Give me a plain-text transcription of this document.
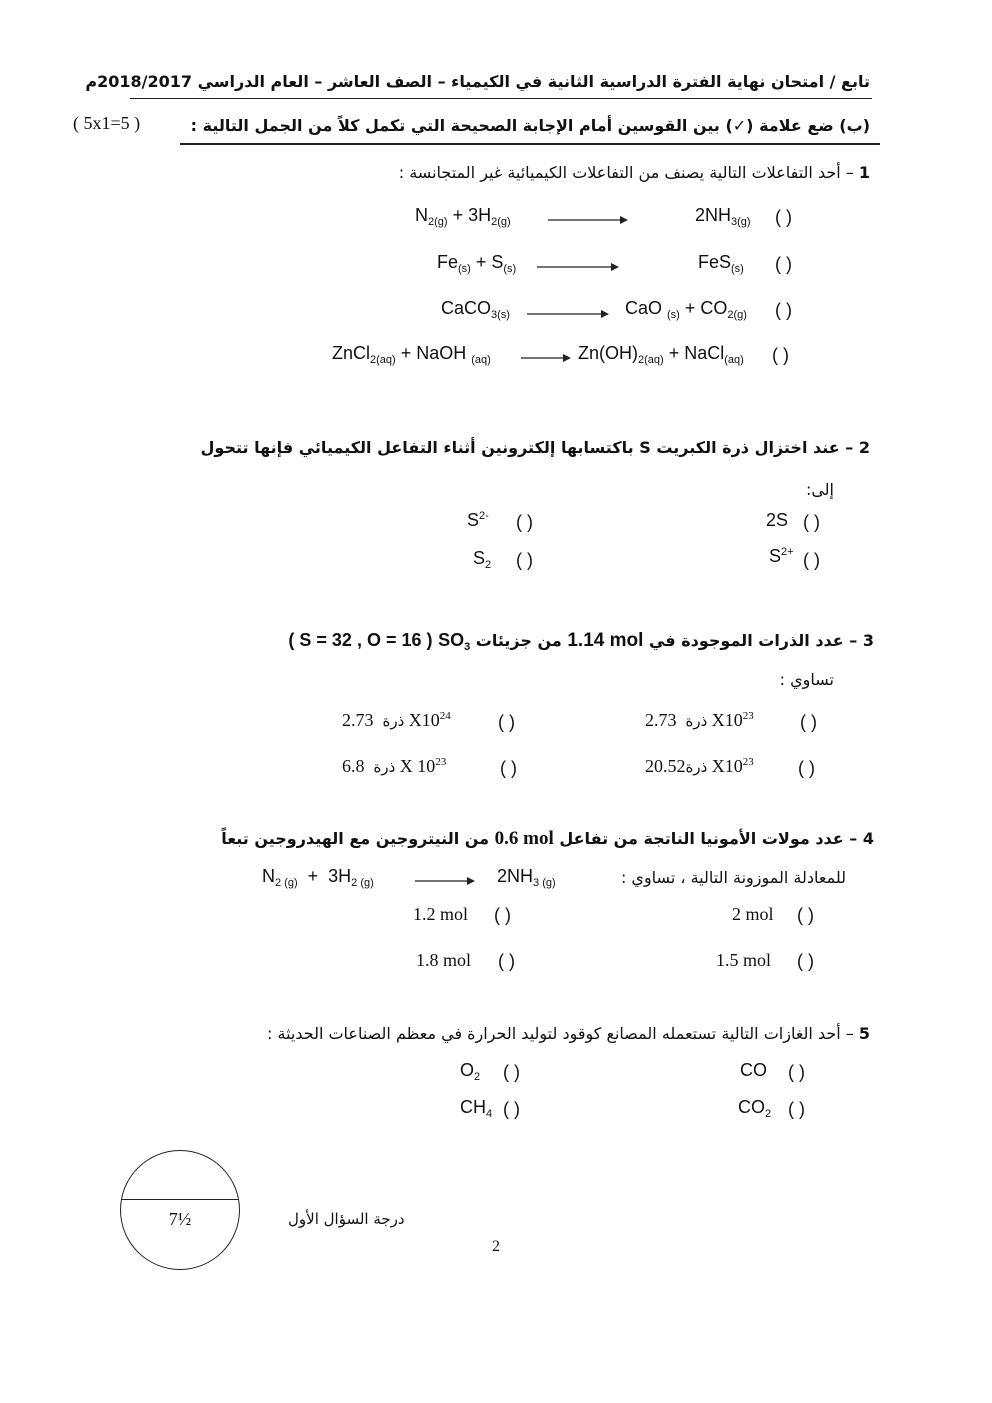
تابع / امتحان نهاية الفترة الدراسية الثانية في الكيمياء – الصف العاشر – العام الدراسي 2018/2017م
(ب) ضع علامة (✓) بين القوسين أمام الإجابة الصحيحة التي تكمل كلاً من الجمل التالية :
( 5x1=5 )
1 – أحد التفاعلات التالية يصنف من التفاعلات الكيميائية غير المتجانسة :
$N_{2(g)} + 3H_{2(g)}$	$2NH_{3(g)}$ ( )
$Fe_{(s)} + S_{(s)}$	FeS$_{(s)}$ ( )
CaCO$_{3(s)}$	CaO $_{(s)} + CO_{2(g)}$ ( )
ZnCl$_{2(aq)}$ + NaOH $_{(aq)}$	$Zn(OH)_{2(aq)}$ + NaCl$_{(aq)}$ ( )
2 – عند اختزال ذرة الكبريت S باكتسابها إلكترونين أثناء التفاعل الكيميائي فإنها تتحول
إلى:
$S^{2-}$ ( )	2S ( )
$S_2$ ( )	$S^{2+}$ ( )
3 – عدد الذرات الموجودة في 1.14 mol من جزيئات $SO_3$ ( S = 32 , O = 16 )
تساوي :
ذرة  2.73 $X10^{24}$	( )	ذرة  2.73 $X10^{23}$	( )
ذرة  6.8 X $10^{23}$	( )	ذرة20.52 $X10^{23}$ ( )
4 – عدد مولات الأمونيا الناتجة من تفاعل 0.6 mol من النيتروجين مع الهيدروجين تبعاً
للمعادلة الموزونة التالية ، تساوي :
$N_{2 (g)} + 3H_{2 (g)}$	$2NH_{3 (g)}$
1.2 mol ( )	2 mol ( )
1.8 mol ( )	1.5 mol ( )
5 – أحد الغازات التالية تستعمله المصانع كوقود لتوليد الحرارة في معظم الصناعات الحديثة :
$O_2$ ( )	CO ( )
$CH_4$ ( )	$CO_2$ ( )
7½	درجة السؤال الأول
2
